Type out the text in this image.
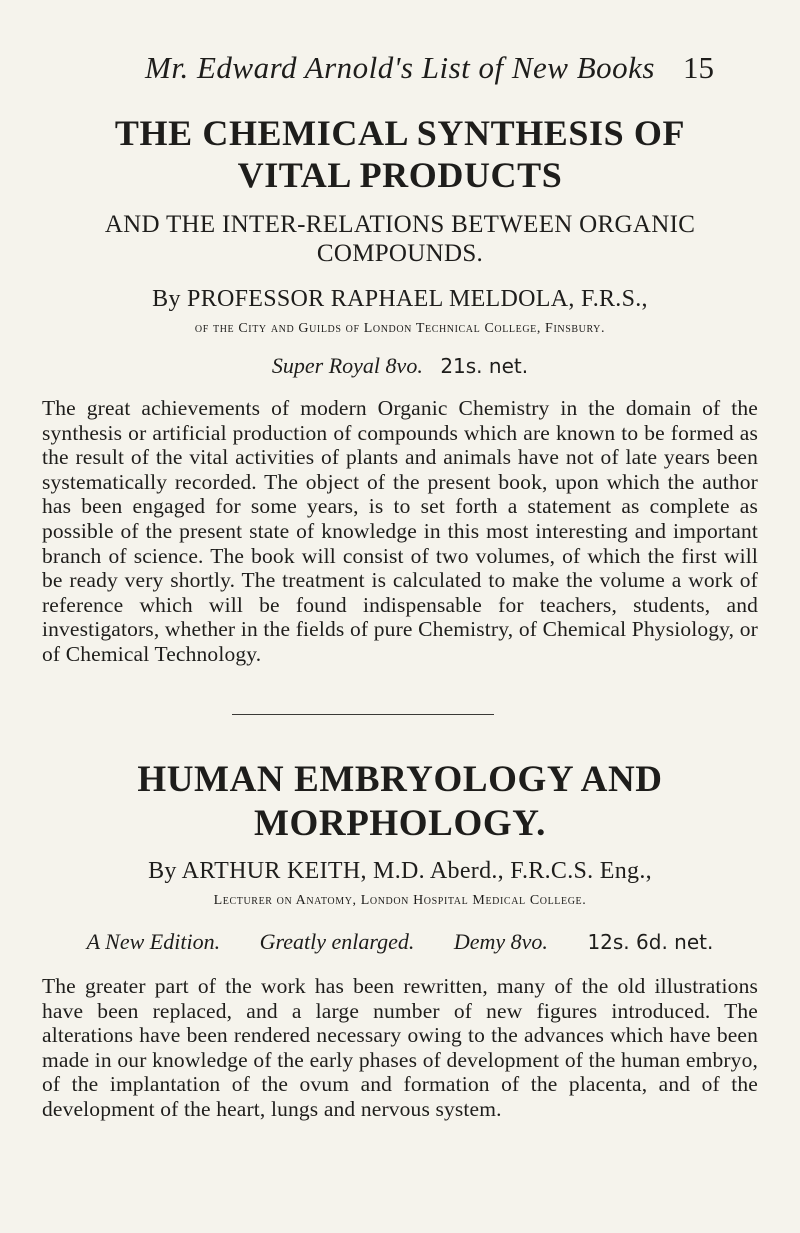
Mr. Edward Arnold's List of New Books 15
THE CHEMICAL SYNTHESIS OF
VITAL PRODUCTS

AND THE INTER-RELATIONS BETWEEN ORGANIC

COMPOUNDS.

By PROFESSOR RAPHAEL MELDOLA, F.R.S.,
of the City and Guilds of London Technical College, Finsbury.
Super Royal 8vo. 21s. net.

The great achievements of modern Organic Chemistry in the domain of the synthesis or artificial production of compounds which are known to be formed as the result of the vital activities of plants and animals have not of late years been systematically recorded. The object of the present book, upon which the author has been engaged for some years, is to set forth a statement as complete as possible of the present state of knowledge in this most interesting and important branch of science. The book will consist of two volumes, of which the first will be ready very shortly. The treatment is calculated to make the volume a work of reference which will be found indispensable for teachers, students, and investigators, whether in the fields of pure Chemistry, of Chemical Physiology, or of Chemical Technology.

HUMAN EMBRYOLOGY AND
MORPHOLOGY.
By ARTHUR KEITH, M.D. Aberd., F.R.C.S. Eng.,
Lecturer on Anatomy, London Hospital Medical College.
A New Edition. Greatly enlarged. Demy 8vo. 12s. 6d. net.

The greater part of the work has been rewritten, many of the old illustrations have been replaced, and a large number of new figures introduced. The alterations have been rendered necessary owing to the advances which have been made in our knowledge of the early phases of development of the human embryo, of the implantation of the ovum and formation of the placenta, and of the development of the heart, lungs and nervous system.
